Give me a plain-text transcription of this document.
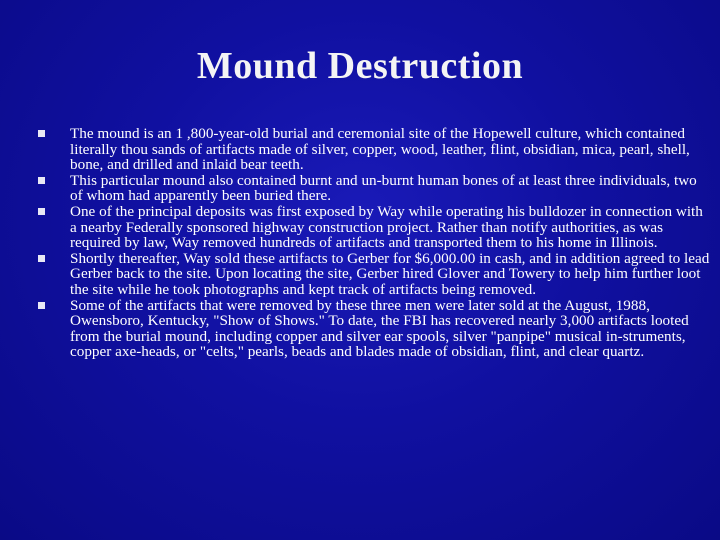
Mound Destruction
The mound is an 1 ,800-year-old burial and ceremonial site of the Hopewell culture, which contained literally thou sands of artifacts made of silver, copper, wood, leather, flint, obsidian, mica, pearl, shell, bone, and drilled and inlaid bear teeth.
This particular mound also contained burnt and un-burnt human bones of at least three individuals, two of whom had apparently been buried there.
One of the principal deposits was first exposed by Way while operating his bulldozer in connection with a nearby Federally sponsored highway construction project. Rather than notify authorities, as was required by law, Way removed hundreds of artifacts and transported them to his home in Illinois.
Shortly thereafter, Way sold these artifacts to Gerber for $6,000.00 in cash, and in addition agreed to lead Gerber back to the site. Upon locating the site, Gerber hired Glover and Towery to help him further loot the site while he took photographs and kept track of artifacts being removed.
Some of the artifacts that were removed by these three men were later sold at the August, 1988, Owensboro, Kentucky, "Show of Shows." To date, the FBI has recovered nearly 3,000 artifacts looted from the burial mound, including copper and silver ear spools, silver "panpipe" musical in-struments, copper axe-heads, or "celts," pearls, beads and blades made of obsidian, flint, and clear quartz.
